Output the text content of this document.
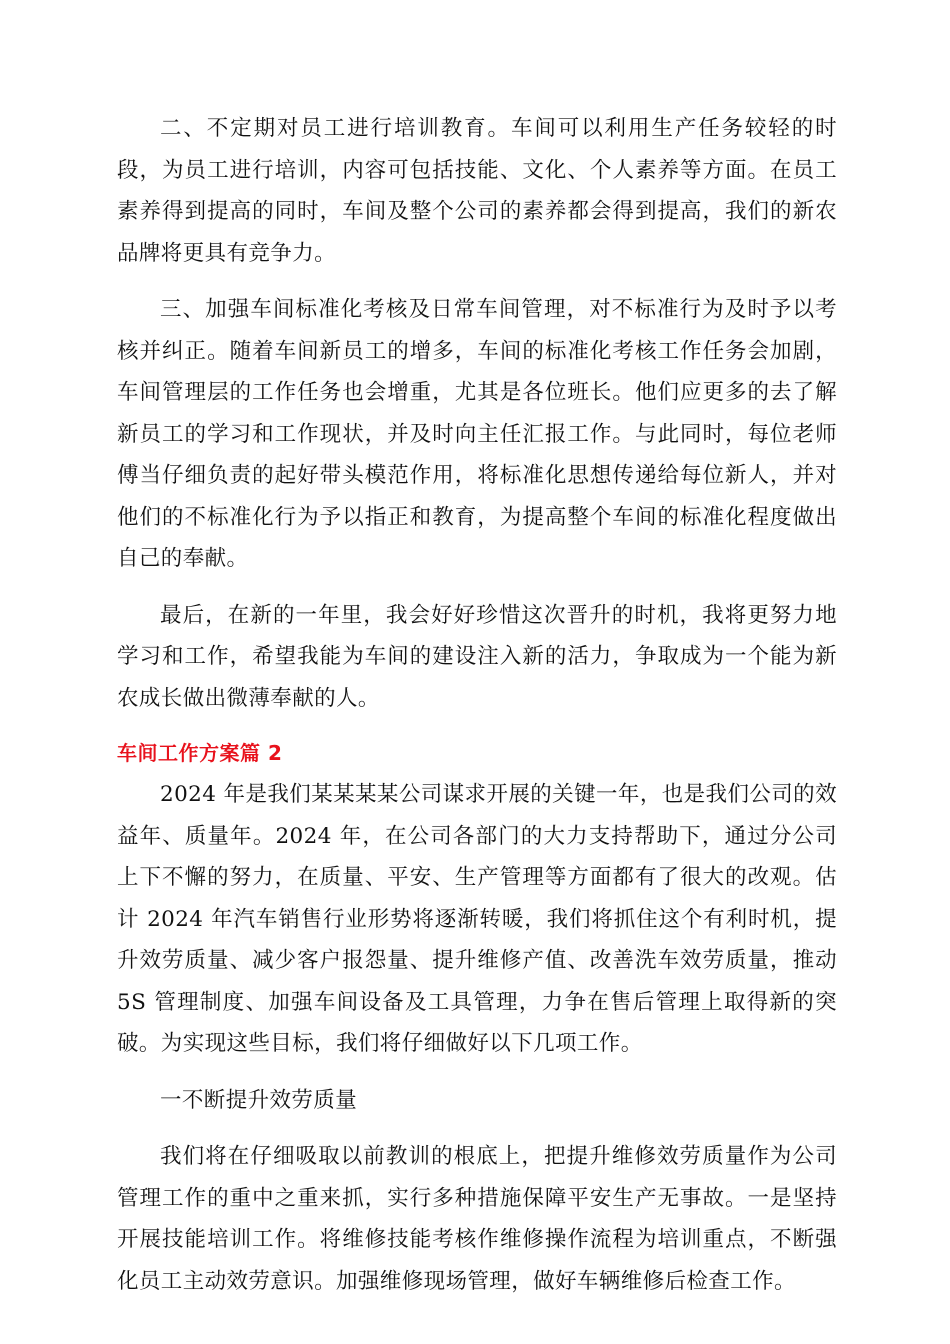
二、不定期对员工进行培训教育。车间可以利用生产任务较轻的时段，为员工进行培训，内容可包括技能、文化、个人素养等方面。在员工素养得到提高的同时，车间及整个公司的素养都会得到提高，我们的新农品牌将更具有竞争力。

三、加强车间标准化考核及日常车间管理，对不标准行为及时予以考核并纠正。随着车间新员工的增多，车间的标准化考核工作任务会加剧，车间管理层的工作任务也会增重，尤其是各位班长。他们应更多的去了解新员工的学习和工作现状，并及时向主任汇报工作。与此同时，每位老师傅当仔细负责的起好带头模范作用，将标准化思想传递给每位新人，并对他们的不标准化行为予以指正和教育，为提高整个车间的标准化程度做出自己的奉献。

最后，在新的一年里，我会好好珍惜这次晋升的时机，我将更努力地学习和工作，希望我能为车间的建设注入新的活力，争取成为一个能为新农成长做出微薄奉献的人。

车间工作方案篇 2

2024 年是我们某某某某公司谋求开展的关键一年，也是我们公司的效益年、质量年。2024 年，在公司各部门的大力支持帮助下，通过分公司上下不懈的努力，在质量、平安、生产管理等方面都有了很大的改观。估计 2024 年汽车销售行业形势将逐渐转暖，我们将抓住这个有利时机，提升效劳质量、减少客户报怨量、提升维修产值、改善洗车效劳质量，推动 5S 管理制度、加强车间设备及工具管理，力争在售后管理上取得新的突破。为实现这些目标，我们将仔细做好以下几项工作。

一不断提升效劳质量

我们将在仔细吸取以前教训的根底上，把提升维修效劳质量作为公司管理工作的重中之重来抓，实行多种措施保障平安生产无事故。一是坚持开展技能培训工作。将维修技能考核作维修操作流程为培训重点，不断强化员工主动效劳意识。加强维修现场管理，做好车辆维修后检查工作。
